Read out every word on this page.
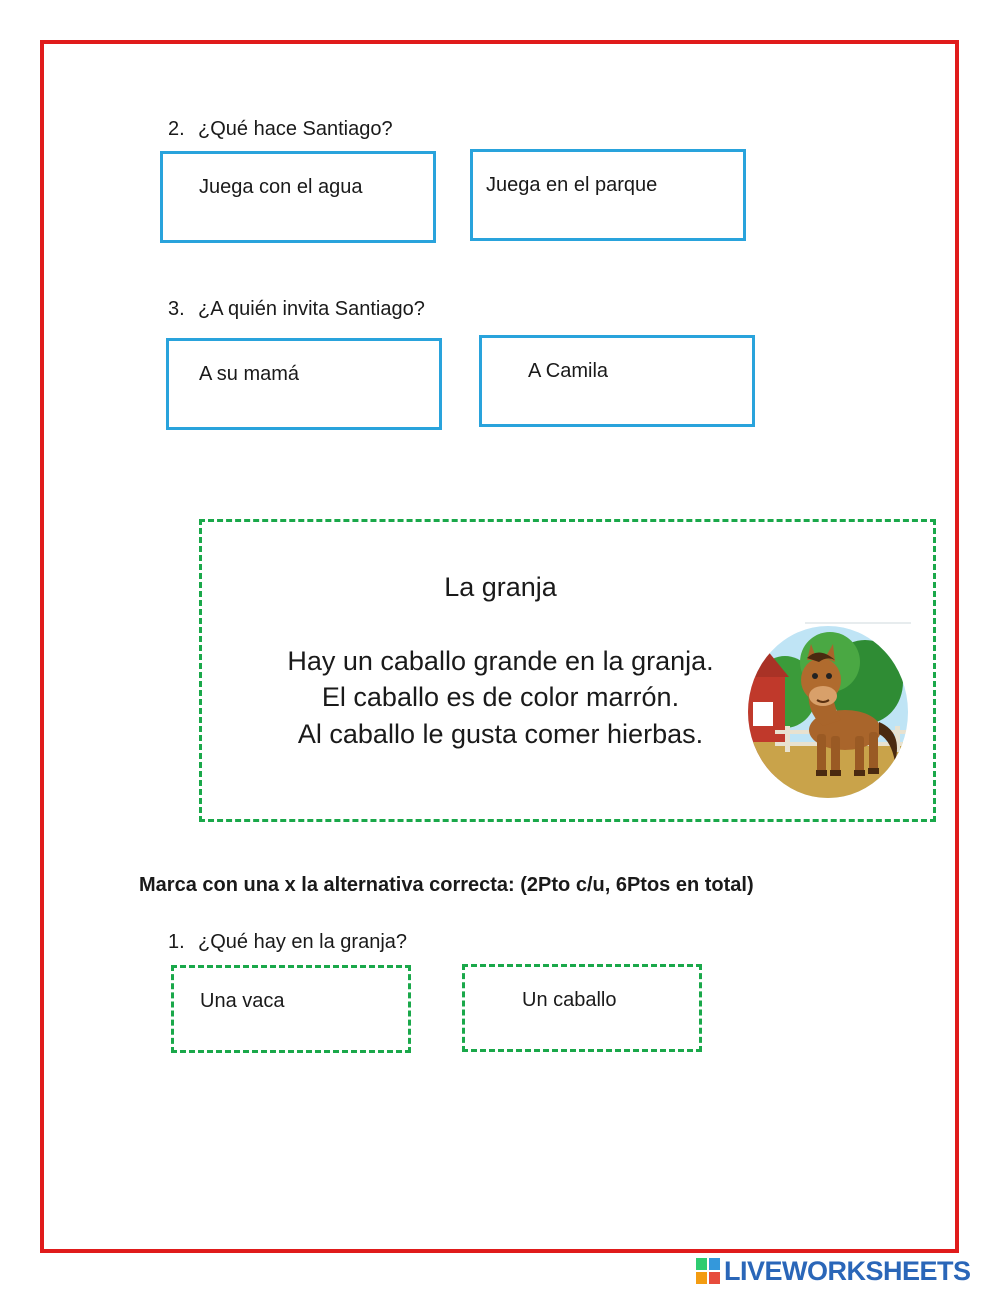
2. ¿Qué hace Santiago?
Juega con el agua	Juega en el parque
3. ¿A quién invita Santiago?
A su mamá	A Camila
La granja
Hay un caballo grande en la granja.
El caballo es de color marrón.
Al caballo le gusta comer hierbas.
Marca con una x la alternativa correcta: (2Pto c/u, 6Ptos en total)
1. ¿Qué hay en la granja?
Una vaca	Un caballo
LIVEWORKSHEETS
